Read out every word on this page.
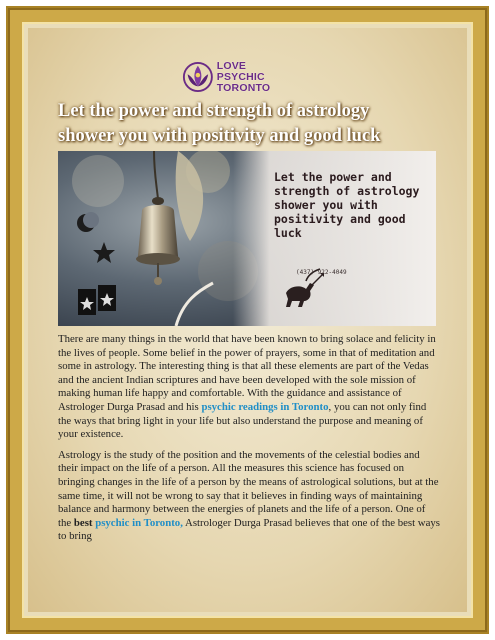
LOVE PSYCHIC
TORONTO
Let the power and strength of astrology
shower you with positivity and good luck
Let the power and
strength of astrology
shower you with
positivity and good
luck
(437) 922-4049

There are many things in the world that have been known to bring solace and felicity in the lives of people. Some belief in the power of prayers, some in that of meditation and some in astrology. The interesting thing is that all these elements are part of the Vedas and the ancient Indian scriptures and have been developed with the sole mission of making human life happy and comfortable. With the guidance and assistance of Astrologer Durga Prasad and his psychic readings in Toronto, you can not only find the ways that bring light in your life but also understand the purpose and meaning of your existence.

Astrology is the study of the position and the movements of the celestial bodies and their impact on the life of a person. All the measures this science has focused on bringing changes in the life of a person by the means of astrological solutions, but at the same time, it will not be wrong to say that it believes in finding ways of maintaining balance and harmony between the energies of planets and the life of a person. One of the best psychic in Toronto, Astrologer Durga Prasad believes that one of the best ways to bring
